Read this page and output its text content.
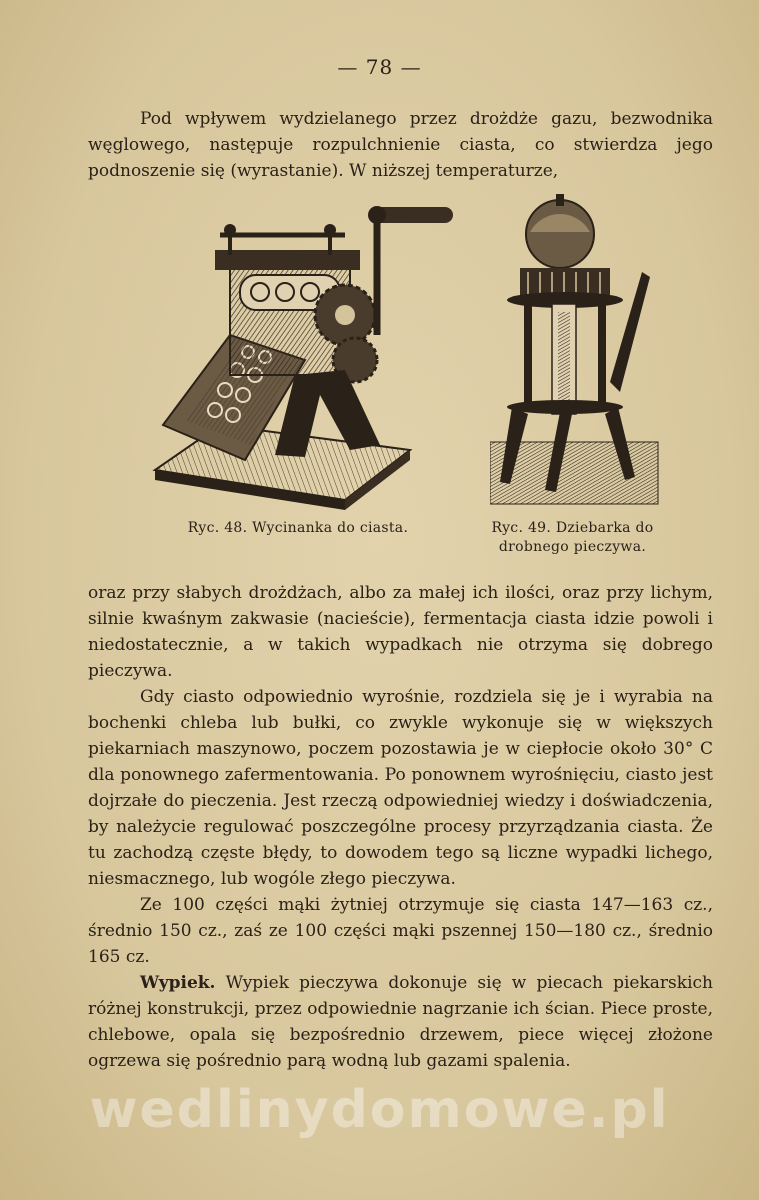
— 78 —

Pod wpływem wydzielanego przez drożdże gazu, bezwodnika węglowego, następuje rozpulchnienie ciasta, co stwierdza jego podnoszenie się (wyrastanie). W niższej temperaturze,

Ryc. 48. Wycinanka do ciasta.	Ryc. 49. Dziebarka do
drobnego pieczywa.

oraz przy słabych drożdżach, albo za małej ich ilości, oraz przy lichym, silnie kwaśnym zakwasie (nacieście), fermentacja ciasta idzie powoli i niedostatecznie, a w takich wypadkach nie otrzyma się dobrego pieczywa.

Gdy ciasto odpowiednio wyrośnie, rozdziela się je i wyrabia na bochenki chleba lub bułki, co zwykle wykonuje się w większych piekarniach maszynowo, poczem pozostawia je w ciepłocie około 30° C dla ponownego zafermentowania. Po ponownem wyrośnięciu, ciasto jest dojrzałe do pieczenia. Jest rzeczą odpowiedniej wiedzy i doświadczenia, by należycie regulować poszczególne procesy przyrządzania ciasta. Że tu zachodzą częste błędy, to dowodem tego są liczne wypadki lichego, niesmacznego, lub wogóle złego pieczywa.

Ze 100 części mąki żytniej otrzymuje się ciasta 147—163 cz., średnio 150 cz., zaś ze 100 części mąki pszennej 150—180 cz., średnio 165 cz.

Wypiek. Wypiek pieczywa dokonuje się w piecach piekarskich różnej konstrukcji, przez odpowiednie nagrzanie ich ścian. Piece proste, chlebowe, opala się bezpośrednio drzewem, piece więcej złożone ogrzewa się pośrednio parą wodną lub gazami spalenia.

wedlinydomowe.pl
